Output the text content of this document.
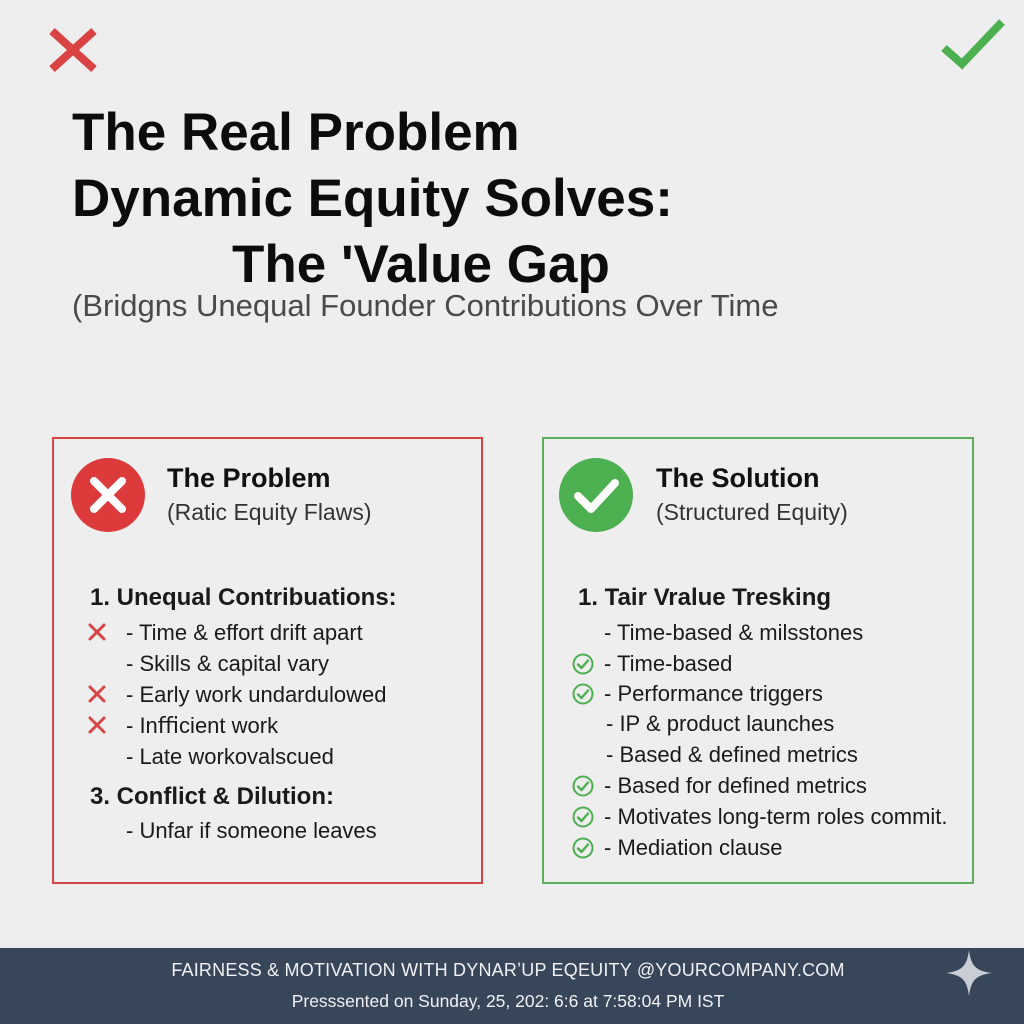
The Real Problem
Dynamic Equity Solves:
The 'Value Gap

(Bridgns Unequal Founder Contributions Over Time

The Problem
(Ratic Equity Flaws)
1. Unequal Contribuations:
- Time & effort drift apart
- Skills & capital vary
- Early work undardulowed
- Inﬃcient work
- Late workovalscued
3. Conflict & Dilution:
- Unfar if someone leaves
The Solution
(Structured Equity)
1. Tair Vralue Tresking
- Time-based & milsstones
- Time-based
- Performance triggers
- IP & product launches
- Based & defined metrics
- Based for defined metrics
- Motivates long-term roles commit.
- Mediation clause
FAIRNESS & MOTIVATION WITH DYNARʼUP EQEUITY @YOURCOMPANY.COM
Presssented on Sunday, 25, 202: 6:6 at 7:58:04 PM IST
